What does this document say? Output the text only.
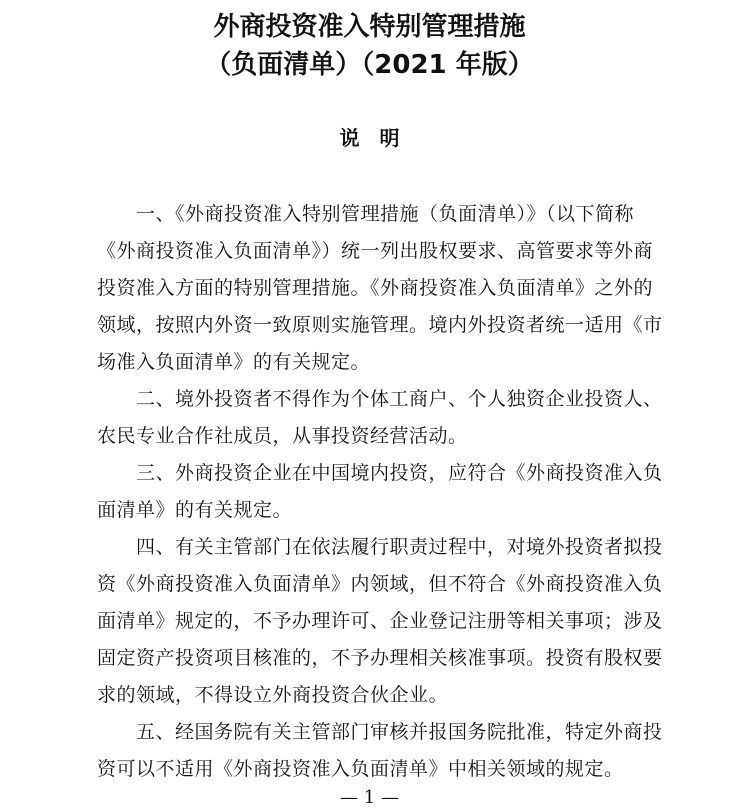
外商投资准入特别管理措施
（负面清单）（2021 年版）
说　明
　　一、《外商投资准入特别管理措施（负面清单）》（以下简称
《外商投资准入负面清单》）统一列出股权要求、高管要求等外商
投资准入方面的特别管理措施。《外商投资准入负面清单》之外的
领域，按照内外资一致原则实施管理。境内外投资者统一适用《市
场准入负面清单》的有关规定。
　　二、境外投资者不得作为个体工商户、个人独资企业投资人、
农民专业合作社成员，从事投资经营活动。
　　三、外商投资企业在中国境内投资，应符合《外商投资准入负
面清单》的有关规定。
　　四、有关主管部门在依法履行职责过程中，对境外投资者拟投
资《外商投资准入负面清单》内领域，但不符合《外商投资准入负
面清单》规定的，不予办理许可、企业登记注册等相关事项；涉及
固定资产投资项目核准的，不予办理相关核准事项。投资有股权要
求的领域，不得设立外商投资合伙企业。
　　五、经国务院有关主管部门审核并报国务院批准，特定外商投
资可以不适用《外商投资准入负面清单》中相关领域的规定。
— 1 —
